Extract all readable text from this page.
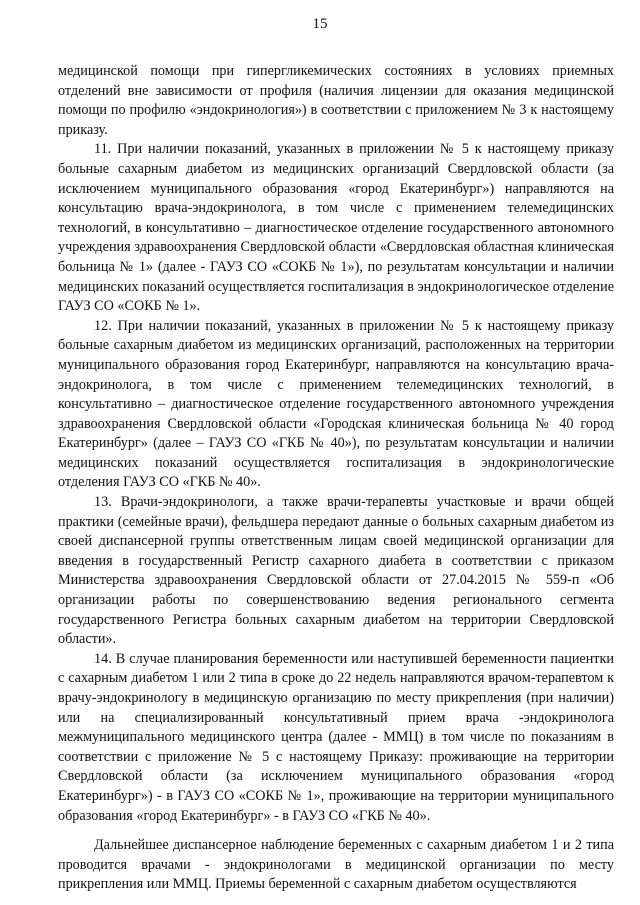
15

медицинской помощи при гипергликемических состояниях в условиях приемных отделений вне зависимости от профиля (наличия лицензии для оказания медицинской помощи по профилю «эндокринология») в соответствии с приложением № 3 к настоящему приказу.

11. При наличии показаний, указанных в приложении № 5 к настоящему приказу больные сахарным диабетом из медицинских организаций Свердловской области (за исключением муниципального образования «город Екатеринбург») направляются на консультацию врача-эндокринолога, в том числе с применением телемедицинских технологий, в консультативно – диагностическое отделение государственного автономного учреждения здравоохранения Свердловской области «Свердловская областная клиническая больница № 1» (далее - ГАУЗ СО «СОКБ № 1»), по результатам консультации и наличии медицинских показаний осуществляется госпитализация в эндокринологическое отделение ГАУЗ СО «СОКБ № 1».

12. При наличии показаний, указанных в приложении № 5 к настоящему приказу больные сахарным диабетом из медицинских организаций, расположенных на территории муниципального образования город Екатеринбург, направляются на консультацию врача-эндокринолога, в том числе с применением телемедицинских технологий, в консультативно – диагностическое отделение государственного автономного учреждения здравоохранения Свердловской области «Городская клиническая больница № 40 город Екатеринбург» (далее – ГАУЗ СО «ГКБ № 40»), по результатам консультации и наличии медицинских показаний осуществляется госпитализация в эндокринологические отделения ГАУЗ СО «ГКБ № 40».

13. Врачи-эндокринологи, а также врачи-терапевты участковые и врачи общей практики (семейные врачи), фельдшера передают данные о больных сахарным диабетом из своей диспансерной группы ответственным лицам своей медицинской организации для введения в государственный Регистр сахарного диабета в соответствии с приказом Министерства здравоохранения Свердловской области от 27.04.2015 № 559-п «Об организации работы по совершенствованию ведения регионального сегмента государственного Регистра больных сахарным диабетом на территории Свердловской области».

14. В случае планирования беременности или наступившей беременности пациентки с сахарным диабетом 1 или 2 типа в сроке до 22 недель направляются врачом-терапевтом к врачу-эндокринологу в медицинскую организацию по месту прикрепления (при наличии) или на специализированный консультативный прием врача -эндокринолога межмуниципального медицинского центра (далее - ММЦ) в том числе по показаниям в соответствии с приложение № 5 с настоящему Приказу: проживающие на территории Свердловской области (за исключением муниципального образования «город Екатеринбург») - в ГАУЗ СО «СОКБ № 1», проживающие на территории муниципального образования «город Екатеринбург» - в ГАУЗ СО «ГКБ № 40».

Дальнейшее диспансерное наблюдение беременных с сахарным диабетом 1 и 2 типа проводится врачами - эндокринологами в медицинской организации по месту прикрепления или ММЦ. Приемы беременной с сахарным диабетом осуществляются
